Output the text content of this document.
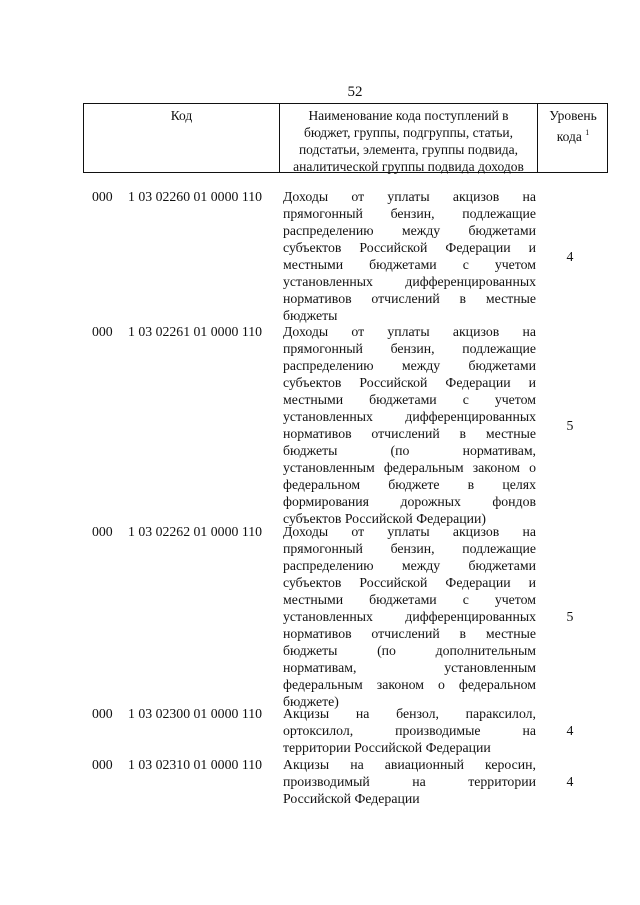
52
Код	Наименование кода поступлений в
бюджет, группы, подгруппы, статьи,
подстатьи, элемента, группы подвида,
аналитической группы подвида доходов
Уровень
кода $^1$
000	1 03 02260 01 0000 110	Доходы от уплаты акцизов на
прямогонный бензин, подлежащие
распределению между бюджетами
субъектов Российской Федерации и
местными бюджетами с учетом
установленных дифференцированных
нормативов отчислений в местные
бюджеты
4
000	1 03 02261 01 0000 110	Доходы от уплаты акцизов на
прямогонный бензин, подлежащие
распределению между бюджетами
субъектов Российской Федерации и
местными бюджетами с учетом
установленных дифференцированных
нормативов отчислений в местные
бюджеты (по нормативам,
установленным федеральным законом о
федеральном бюджете в целях
формирования дорожных фондов
субъектов Российской Федерации)
5
000	1 03 02262 01 0000 110	Доходы от уплаты акцизов на
прямогонный бензин, подлежащие
распределению между бюджетами
субъектов Российской Федерации и
местными бюджетами с учетом
установленных дифференцированных
нормативов отчислений в местные
бюджеты (по дополнительным
нормативам, установленным
федеральным законом о федеральном
бюджете)
5
000	1 03 02300 01 0000 110	Акцизы на бензол, параксилол,
ортоксилол, производимые на
территории Российской Федерации
4
000	1 03 02310 01 0000 110	Акцизы на авиационный керосин,
производимый на территории
Российской Федерации
4
